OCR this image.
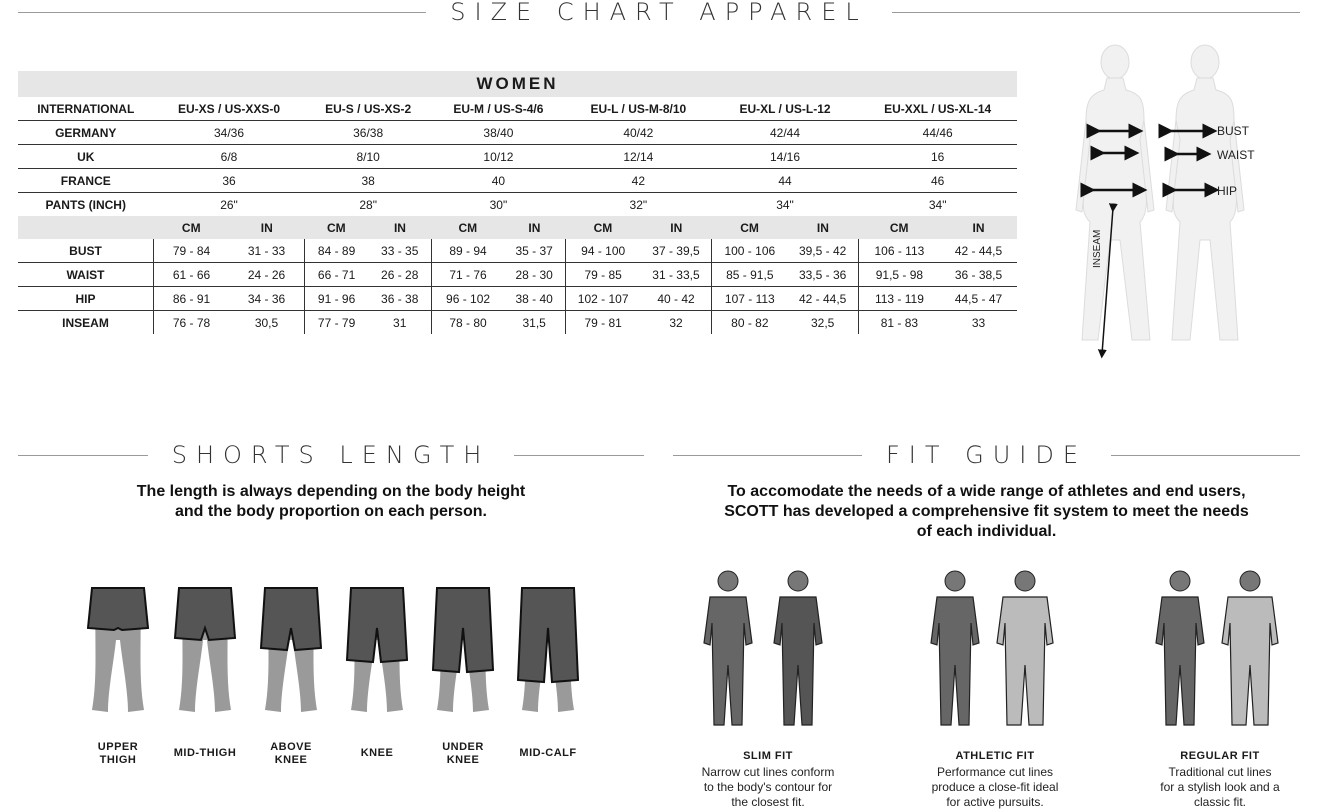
SIZE CHART APPAREL
WOMEN												
INTERNATIONAL	EU-XS / US-XXS-0		EU-S / US-XS-2		EU-M / US-S-4/6		EU-L / US-M-8/10		EU-XL / US-L-12		EU-XXL / US-XL-14	
GERMANY	34/36		36/38		38/40		40/42		42/44		44/46	
UK	6/8		8/10		10/12		12/14		14/16		16	
FRANCE	36		38		40		42		44		46	
PANTS (INCH)	26"		28"		30"		32"		34"		34"	
	CM	IN	CM	IN	CM	IN	CM	IN	CM	IN	CM	IN
BUST	79 - 84	31 - 33	84 - 89	33 - 35	89 - 94	35 - 37	94 - 100	37 - 39,5	100 - 106	39,5 - 42	106 - 113	42 - 44,5
WAIST	61 - 66	24 - 26	66 - 71	26 - 28	71 - 76	28 - 30	79 - 85	31 - 33,5	85 - 91,5	33,5 - 36	91,5 - 98	36 - 38,5
HIP	86 - 91	34 - 36	91 - 96	36 - 38	96 - 102	38 - 40	102 - 107	40 - 42	107 - 113	42 - 44,5	113 - 119	44,5 - 47
INSEAM	76 - 78	30,5	77 - 79	31	78 - 80	31,5	79 - 81	32	80 - 82	32,5	81 - 83	33
BUST
WAIST
HIP
INSEAM
SHORTS LENGTH
The length is always depending on the body height
and the body proportion on each person.
UPPER
THIGH
MID-THIGH	ABOVE
KNEE
KNEE	UNDER
KNEE
MID-CALF
FIT GUIDE
To accomodate the needs of a wide range of athletes and end users,
SCOTT has developed a comprehensive fit system to meet the needs
of each individual.
SLIM FIT
Narrow cut lines conform
to the body's contour for
the closest fit.
ATHLETIC FIT
Performance cut lines
produce a close-fit ideal
for active pursuits.
REGULAR FIT
Traditional cut lines
for a stylish look and a
classic fit.
